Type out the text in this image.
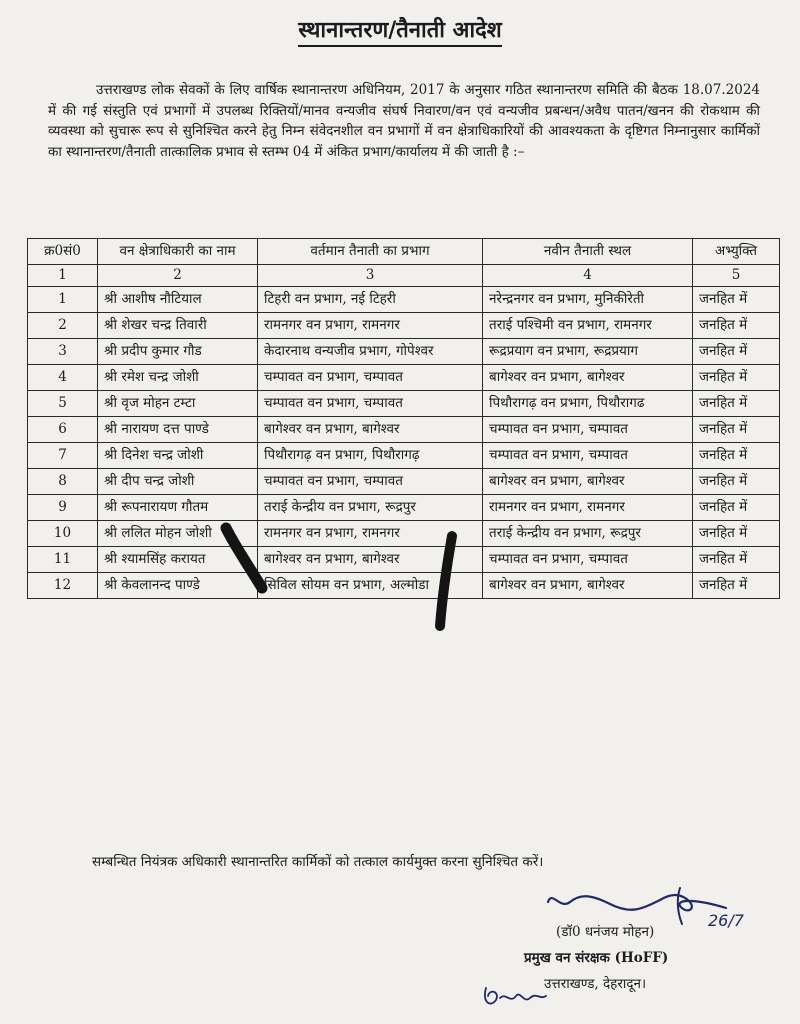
स्थानान्तरण/तैनाती आदेश
उत्तराखण्ड लोक सेवकों के लिए वार्षिक स्थानान्तरण अधिनियम, 2017 के अनुसार गठित स्थानान्तरण समिति की बैठक 18.07.2024 में की गई संस्तुति एवं प्रभागों में उपलब्ध रिक्तियों/मानव वन्यजीव संघर्ष निवारण/वन एवं वन्यजीव प्रबन्धन/अवैध पातन/खनन की रोकथाम की व्यवस्था को सुचारू रूप से सुनिश्चित करने हेतु निम्न संवेदनशील वन प्रभागों में वन क्षेत्राधिकारियों की आवश्यकता के दृष्टिगत निम्नानुसार कार्मिकों का स्थानान्तरण/तैनाती तात्कालिक प्रभाव से स्तम्भ 04 में अंकित प्रभाग/कार्यालय में की जाती है :–
क्र0सं0	वन क्षेत्राधिकारी का नाम	वर्तमान तैनाती का प्रभाग	नवीन तैनाती स्थल	अभ्युक्ति
1	2	3	4	5
1	श्री आशीष नौटियाल	टिहरी वन प्रभाग, नई टिहरी	नरेन्द्रनगर वन प्रभाग, मुनिकीरेती	जनहित में
2	श्री शेखर चन्द्र तिवारी	रामनगर वन प्रभाग, रामनगर	तराई पश्चिमी वन प्रभाग, रामनगर	जनहित में
3	श्री प्रदीप कुमार गौड	केदारनाथ वन्यजीव प्रभाग, गोपेश्वर	रूद्रप्रयाग वन प्रभाग, रूद्रप्रयाग	जनहित में
4	श्री रमेश चन्द्र जोशी	चम्पावत वन प्रभाग, चम्पावत	बागेश्वर वन प्रभाग, बागेश्वर	जनहित में
5	श्री वृज मोहन टम्टा	चम्पावत वन प्रभाग, चम्पावत	पिथौरागढ़ वन प्रभाग, पिथौरागढ	जनहित में
6	श्री नारायण दत्त पाण्डे	बागेश्वर वन प्रभाग, बागेश्वर	चम्पावत वन प्रभाग, चम्पावत	जनहित में
7	श्री दिनेश चन्द्र जोशी	पिथौरागढ़ वन प्रभाग, पिथौरागढ़	चम्पावत वन प्रभाग, चम्पावत	जनहित में
8	श्री दीप चन्द्र जोशी	चम्पावत वन प्रभाग, चम्पावत	बागेश्वर वन प्रभाग, बागेश्वर	जनहित में
9	श्री रूपनारायण गौतम	तराई केन्द्रीय वन प्रभाग, रूद्रपुर	रामनगर वन प्रभाग, रामनगर	जनहित में
10	श्री ललित मोहन जोशी	रामनगर वन प्रभाग, रामनगर	तराई केन्द्रीय वन प्रभाग, रूद्रपुर	जनहित में
11	श्री श्यामसिंह करायत	बागेश्वर वन प्रभाग, बागेश्वर	चम्पावत वन प्रभाग, चम्पावत	जनहित में
12	श्री केवलानन्द पाण्डे	सिविल सोयम वन प्रभाग, अल्मोडा	बागेश्वर वन प्रभाग, बागेश्वर	जनहित में
सम्बन्धित नियंत्रक अधिकारी स्थानान्तरित कार्मिकों को तत्काल कार्यमुक्त करना सुनिश्चित करें।
26/7
(डॉ0 धनंजय मोहन)
प्रमुख वन संरक्षक (HoFF)
उत्तराखण्ड, देहरादून।
